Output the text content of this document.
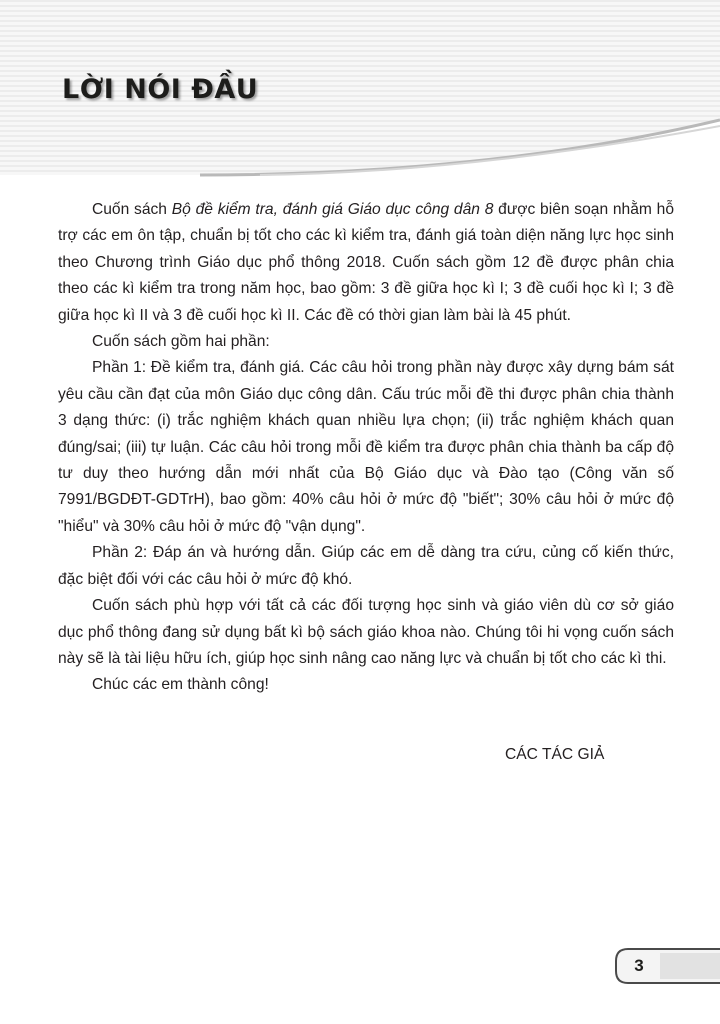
LỜI NÓI ĐẦU

Cuốn sách Bộ đề kiểm tra, đánh giá Giáo dục công dân 8 được biên soạn nhằm hỗ trợ các em ôn tập, chuẩn bị tốt cho các kì kiểm tra, đánh giá toàn diện năng lực học sinh theo Chương trình Giáo dục phổ thông 2018. Cuốn sách gồm 12 đề được phân chia theo các kì kiểm tra trong năm học, bao gồm: 3 đề giữa học kì I; 3 đề cuối học kì I; 3 đề giữa học kì II và 3 đề cuối học kì II. Các đề có thời gian làm bài là 45 phút.

Cuốn sách gồm hai phần:

Phần 1: Đề kiểm tra, đánh giá. Các câu hỏi trong phần này được xây dựng bám sát yêu cầu cần đạt của môn Giáo dục công dân. Cấu trúc mỗi đề thi được phân chia thành 3 dạng thức: (i) trắc nghiệm khách quan nhiều lựa chọn; (ii) trắc nghiệm khách quan đúng/sai; (iii) tự luận. Các câu hỏi trong mỗi đề kiểm tra được phân chia thành ba cấp độ tư duy theo hướng dẫn mới nhất của Bộ Giáo dục và Đào tạo (Công văn số 7991/BGDĐT-GDTrH), bao gồm: 40% câu hỏi ở mức độ "biết"; 30% câu hỏi ở mức độ "hiểu" và 30% câu hỏi ở mức độ "vận dụng".

Phần 2: Đáp án và hướng dẫn. Giúp các em dễ dàng tra cứu, củng cố kiến thức, đặc biệt đối với các câu hỏi ở mức độ khó.

Cuốn sách phù hợp với tất cả các đối tượng học sinh và giáo viên dù cơ sở giáo dục phổ thông đang sử dụng bất kì bộ sách giáo khoa nào. Chúng tôi hi vọng cuốn sách này sẽ là tài liệu hữu ích, giúp học sinh nâng cao năng lực và chuẩn bị tốt cho các kì thi.

Chúc các em thành công!

CÁC TÁC GIẢ
3
